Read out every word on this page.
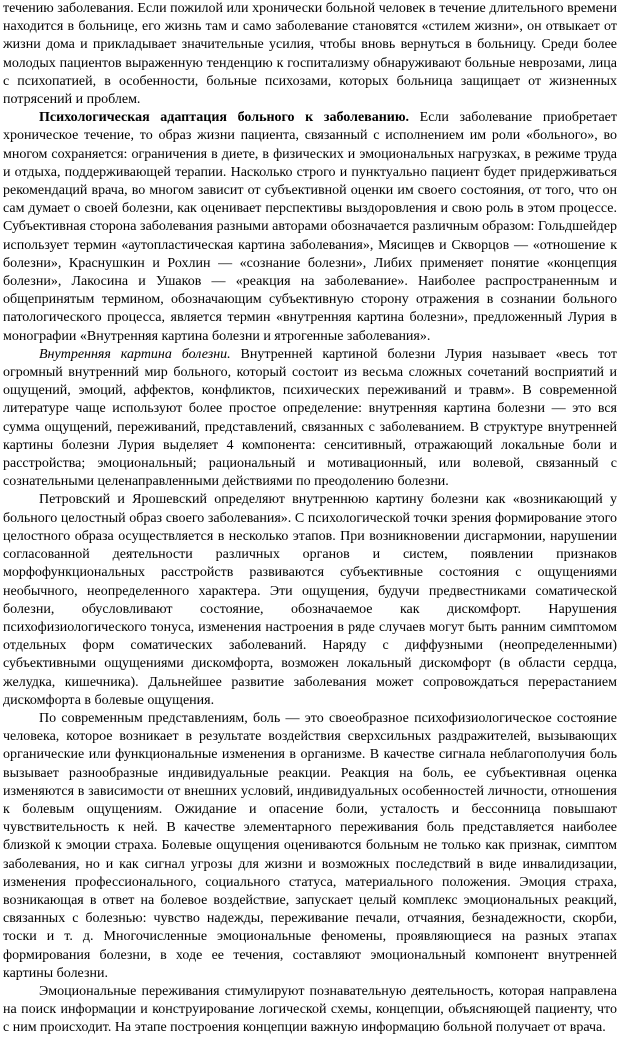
течению заболевания. Если пожилой или хронически больной человек в течение длительного времени находится в больнице, его жизнь там и само заболевание становятся «стилем жизни», он отвыкает от жизни дома и прикладывает значительные усилия, чтобы вновь вернуться в больницу. Среди более молодых пациентов выраженную тенденцию к госпитализму обнаруживают больные неврозами, лица с психопатией, в особенности, больные психозами, которых больница защищает от жизненных потрясений и проблем.

Психологическая адаптация больного к заболеванию. Если заболевание приобретает хроническое течение, то образ жизни пациента, связанный с исполнением им роли «больного», во многом сохраняется: ограничения в диете, в физических и эмоциональных нагрузках, в режиме труда и отдыха, поддерживающей терапии. Насколько строго и пунктуально пациент будет придерживаться рекомендаций врача, во многом зависит от субъективной оценки им своего состояния, от того, что он сам думает о своей болезни, как оценивает перспективы выздоровления и свою роль в этом процессе. Субъективная сторона заболевания разными авторами обозначается различным образом: Гольдшейдер использует термин «аутопластическая картина заболевания», Мясищев и Скворцов — «отношение к болезни», Краснушкин и Рохлин — «сознание болезни», Либих применяет понятие «концепция болезни», Лакосина и Ушаков — «реакция на заболевание». Наиболее распространенным и общепринятым термином, обозначающим субъективную сторону отражения в сознании больного патологического процесса, является термин «внутренняя картина болезни», предложенный Лурия в монографии «Внутренняя картина болезни и ятрогенные заболевания».

Внутренняя картина болезни. Внутренней картиной болезни Лурия называет «весь тот огромный внутренний мир больного, который состоит из весьма сложных сочетаний восприятий и ощущений, эмоций, аффектов, конфликтов, психических переживаний и травм». В современной литературе чаще используют более простое определение: внутренняя картина болезни — это вся сумма ощущений, переживаний, представлений, связанных с заболеванием. В структуре внутренней картины болезни Лурия выделяет 4 компонента: сенситивный, отражающий локальные боли и расстройства; эмоциональный; рациональный и мотивационный, или волевой, связанный с сознательными целенаправленными действиями по преодолению болезни.

Петровский и Ярошевский определяют внутреннюю картину болезни как «возникающий у больного целостный образ своего заболевания». С психологической точки зрения формирование этого целостного образа осуществляется в несколько этапов. При возникновении дисгармонии, нарушении согласованной деятельности различных органов и систем, появлении признаков морфофункциональных расстройств развиваются субъективные состояния с ощущениями необычного, неопределенного характера. Эти ощущения, будучи предвестниками соматической болезни, обусловливают состояние, обозначаемое как дискомфорт. Нарушения психофизиологического тонуса, изменения настроения в ряде случаев могут быть ранним симптомом отдельных форм соматических заболеваний. Наряду с диффузными (неопределенными) субъективными ощущениями дискомфорта, возможен локальный дискомфорт (в области сердца, желудка, кишечника). Дальнейшее развитие заболевания может сопровождаться перерастанием дискомфорта в болевые ощущения.

По современным представлениям, боль — это своеобразное психофизиологическое состояние человека, которое возникает в результате воздействия сверхсильных раздражителей, вызывающих органические или функциональные изменения в организме. В качестве сигнала неблагополучия боль вызывает разнообразные индивидуальные реакции. Реакция на боль, ее субъективная оценка изменяются в зависимости от внешних условий, индивидуальных особенностей личности, отношения к болевым ощущениям. Ожидание и опасение боли, усталость и бессонница повышают чувствительность к ней. В качестве элементарного переживания боль представляется наиболее близкой к эмоции страха. Болевые ощущения оцениваются больным не только как признак, симптом заболевания, но и как сигнал угрозы для жизни и возможных последствий в виде инвалидизации, изменения профессионального, социального статуса, материального положения. Эмоция страха, возникающая в ответ на болевое воздействие, запускает целый комплекс эмоциональных реакций, связанных с болезнью: чувство надежды, переживание печали, отчаяния, безнадежности, скорби, тоски и т. д. Многочисленные эмоциональные феномены, проявляющиеся на разных этапах формирования болезни, в ходе ее течения, составляют эмоциональный компонент внутренней картины болезни.

Эмоциональные переживания стимулируют познавательную деятельность, которая направлена на поиск информации и конструирование логической схемы, концепции, объясняющей пациенту, что с ним происходит. На этапе построения концепции важную информацию больной получает от врача.
